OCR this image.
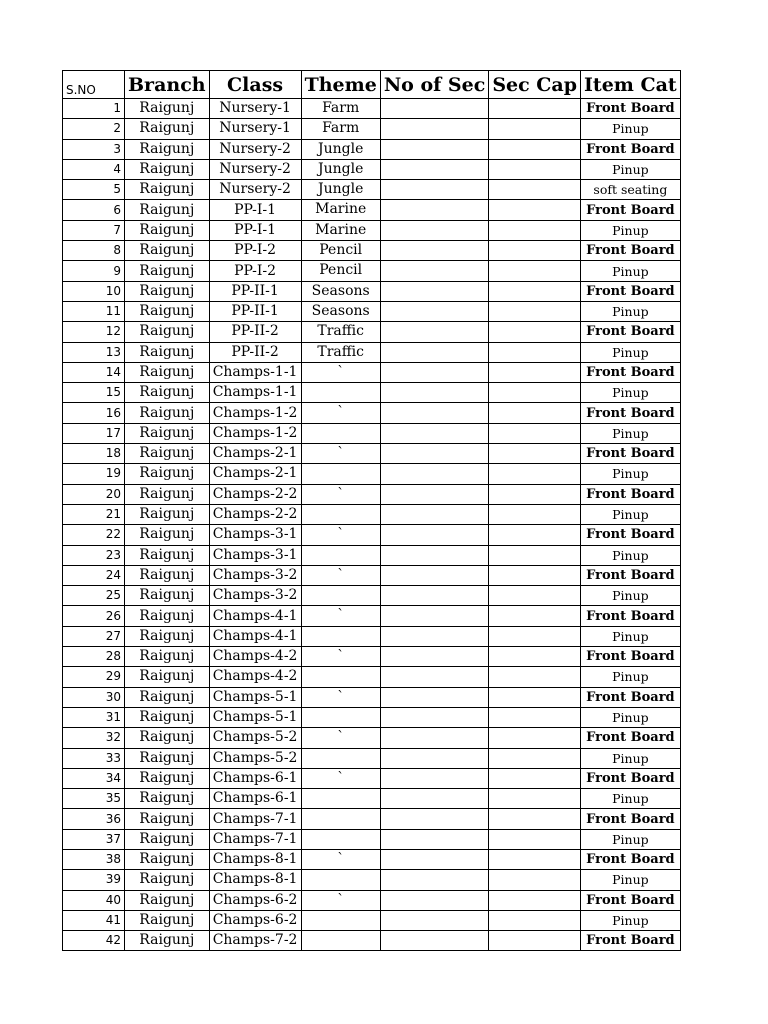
S.NO	Branch	Class	Theme	No of Sec	Sec Cap	Item Cat
1	Raigunj	Nursery-1	Farm			Front Board
2	Raigunj	Nursery-1	Farm			Pinup
3	Raigunj	Nursery-2	Jungle			Front Board
4	Raigunj	Nursery-2	Jungle			Pinup
5	Raigunj	Nursery-2	Jungle			soft seating
6	Raigunj	PP-I-1	Marine			Front Board
7	Raigunj	PP-I-1	Marine			Pinup
8	Raigunj	PP-I-2	Pencil			Front Board
9	Raigunj	PP-I-2	Pencil			Pinup
10	Raigunj	PP-II-1	Seasons			Front Board
11	Raigunj	PP-II-1	Seasons			Pinup
12	Raigunj	PP-II-2	Traffic			Front Board
13	Raigunj	PP-II-2	Traffic			Pinup
14	Raigunj	Champs-1-1	`			Front Board
15	Raigunj	Champs-1-1				Pinup
16	Raigunj	Champs-1-2	`			Front Board
17	Raigunj	Champs-1-2				Pinup
18	Raigunj	Champs-2-1	`			Front Board
19	Raigunj	Champs-2-1				Pinup
20	Raigunj	Champs-2-2	`			Front Board
21	Raigunj	Champs-2-2				Pinup
22	Raigunj	Champs-3-1	`			Front Board
23	Raigunj	Champs-3-1				Pinup
24	Raigunj	Champs-3-2	`			Front Board
25	Raigunj	Champs-3-2				Pinup
26	Raigunj	Champs-4-1	`			Front Board
27	Raigunj	Champs-4-1				Pinup
28	Raigunj	Champs-4-2	`			Front Board
29	Raigunj	Champs-4-2				Pinup
30	Raigunj	Champs-5-1	`			Front Board
31	Raigunj	Champs-5-1				Pinup
32	Raigunj	Champs-5-2	`			Front Board
33	Raigunj	Champs-5-2				Pinup
34	Raigunj	Champs-6-1	`			Front Board
35	Raigunj	Champs-6-1				Pinup
36	Raigunj	Champs-7-1				Front Board
37	Raigunj	Champs-7-1				Pinup
38	Raigunj	Champs-8-1	`			Front Board
39	Raigunj	Champs-8-1				Pinup
40	Raigunj	Champs-6-2	`			Front Board
41	Raigunj	Champs-6-2				Pinup
42	Raigunj	Champs-7-2				Front Board
